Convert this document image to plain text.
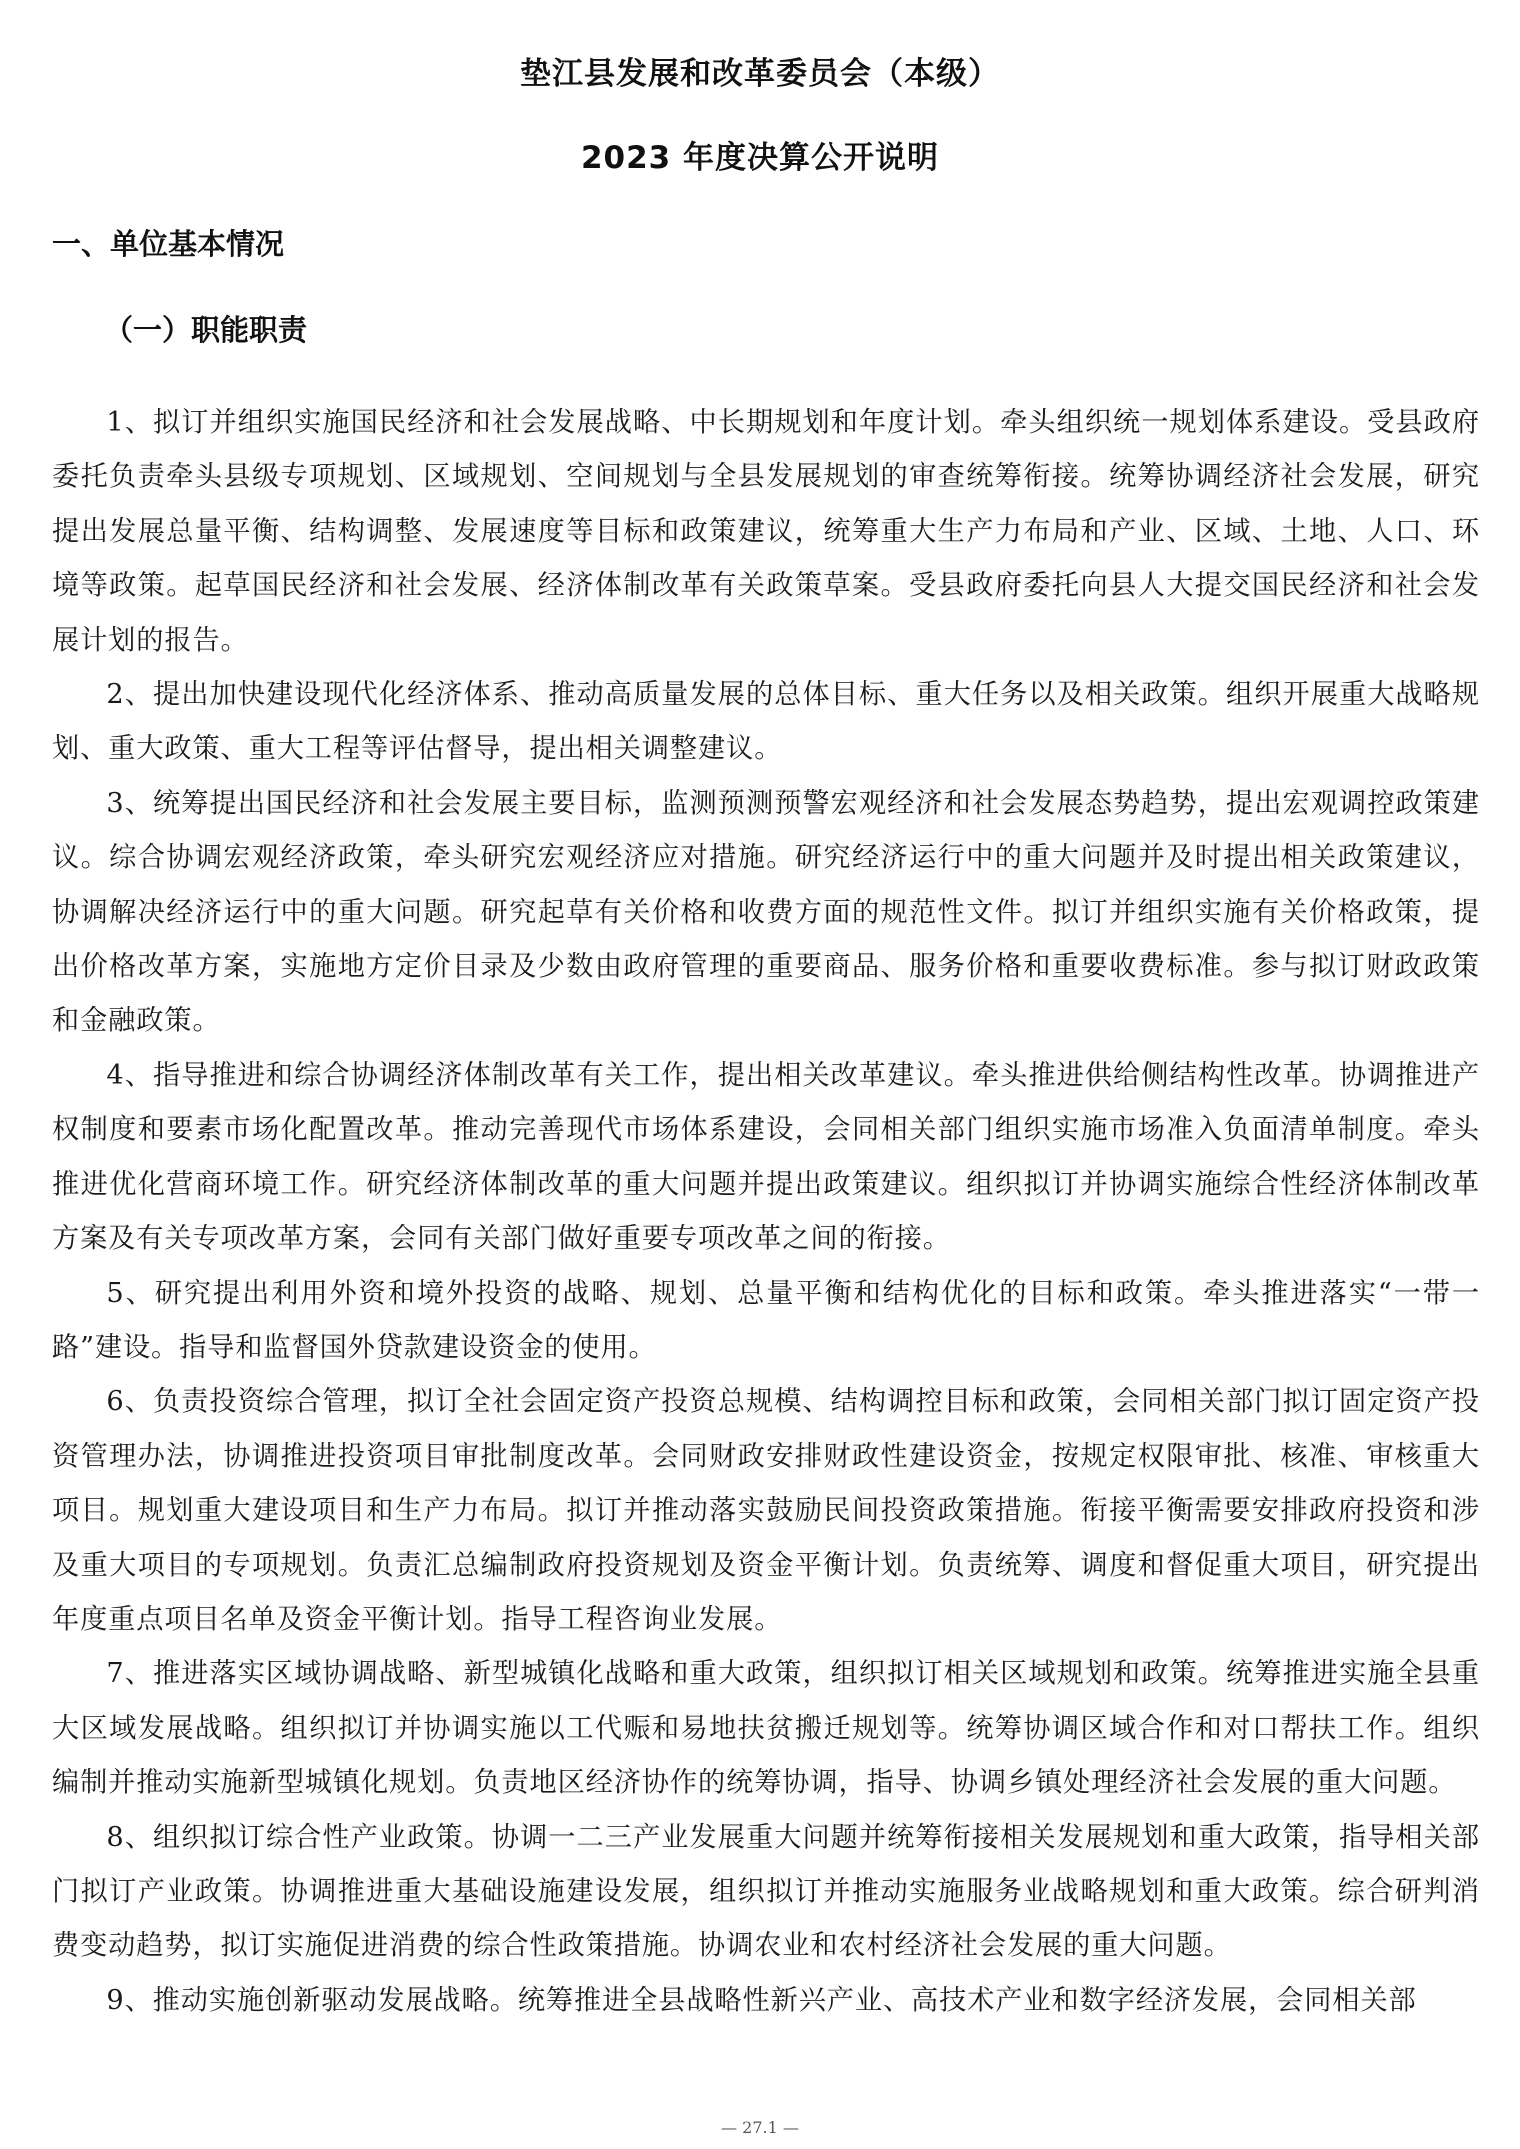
垫江县发展和改革委员会（本级）
2023 年度决算公开说明
一、单位基本情况
（一）职能职责

1、拟订并组织实施国民经济和社会发展战略、中长期规划和年度计划。牵头组织统一规划体系建设。受县政府委托负责牵头县级专项规划、区域规划、空间规划与全县发展规划的审查统筹衔接。统筹协调经济社会发展，研究提出发展总量平衡、结构调整、发展速度等目标和政策建议，统筹重大生产力布局和产业、区域、土地、人口、环境等政策。起草国民经济和社会发展、经济体制改革有关政策草案。受县政府委托向县人大提交国民经济和社会发展计划的报告。

2、提出加快建设现代化经济体系、推动高质量发展的总体目标、重大任务以及相关政策。组织开展重大战略规划、重大政策、重大工程等评估督导，提出相关调整建议。

3、统筹提出国民经济和社会发展主要目标，监测预测预警宏观经济和社会发展态势趋势，提出宏观调控政策建议。综合协调宏观经济政策，牵头研究宏观经济应对措施。研究经济运行中的重大问题并及时提出相关政策建议，协调解决经济运行中的重大问题。研究起草有关价格和收费方面的规范性文件。拟订并组织实施有关价格政策，提出价格改革方案，实施地方定价目录及少数由政府管理的重要商品、服务价格和重要收费标准。参与拟订财政政策和金融政策。

4、指导推进和综合协调经济体制改革有关工作，提出相关改革建议。牵头推进供给侧结构性改革。协调推进产权制度和要素市场化配置改革。推动完善现代市场体系建设，会同相关部门组织实施市场准入负面清单制度。牵头推进优化营商环境工作。研究经济体制改革的重大问题并提出政策建议。组织拟订并协调实施综合性经济体制改革方案及有关专项改革方案，会同有关部门做好重要专项改革之间的衔接。

5、研究提出利用外资和境外投资的战略、规划、总量平衡和结构优化的目标和政策。牵头推进落实“一带一路”建设。指导和监督国外贷款建设资金的使用。

6、负责投资综合管理，拟订全社会固定资产投资总规模、结构调控目标和政策，会同相关部门拟订固定资产投资管理办法，协调推进投资项目审批制度改革。会同财政安排财政性建设资金，按规定权限审批、核准、审核重大项目。规划重大建设项目和生产力布局。拟订并推动落实鼓励民间投资政策措施。衔接平衡需要安排政府投资和涉及重大项目的专项规划。负责汇总编制政府投资规划及资金平衡计划。负责统筹、调度和督促重大项目，研究提出年度重点项目名单及资金平衡计划。指导工程咨询业发展。

7、推进落实区域协调战略、新型城镇化战略和重大政策，组织拟订相关区域规划和政策。统筹推进实施全县重大区域发展战略。组织拟订并协调实施以工代赈和易地扶贫搬迁规划等。统筹协调区域合作和对口帮扶工作。组织编制并推动实施新型城镇化规划。负责地区经济协作的统筹协调，指导、协调乡镇处理经济社会发展的重大问题。

8、组织拟订综合性产业政策。协调一二三产业发展重大问题并统筹衔接相关发展规划和重大政策，指导相关部门拟订产业政策。协调推进重大基础设施建设发展，组织拟订并推动实施服务业战略规划和重大政策。综合研判消费变动趋势，拟订实施促进消费的综合性政策措施。协调农业和农村经济社会发展的重大问题。

9、推动实施创新驱动发展战略。统筹推进全县战略性新兴产业、高技术产业和数字经济发展，会同相关部

— 27.1 —
